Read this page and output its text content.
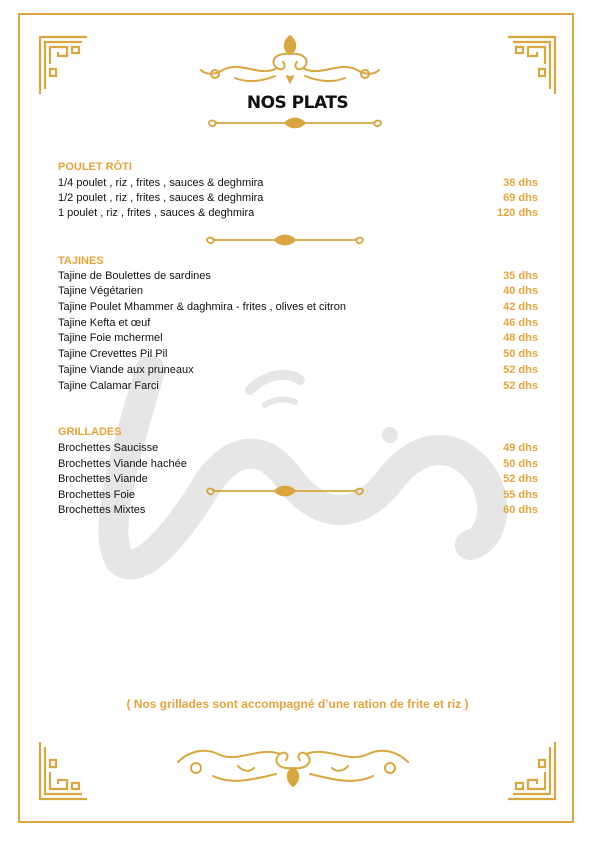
NOS PLATS
POULET RÔTI
1/4 poulet , riz , frites , sauces & deghmira	38 dhs
1/2 poulet , riz , frites , sauces & deghmira	69 dhs
1 poulet , riz , frites , sauces & deghmira	120 dhs
TAJINES
Tajine de Boulettes de sardines	35 dhs
Tajine Végétarien	40 dhs
Tajine Poulet Mhammer & daghmira - frites , olives et citron	42 dhs
Tajine Kefta et œuf	46 dhs
Tajine Foie mchermel	48 dhs
Tajine Crevettes Pil Pil	50 dhs
Tajine Viande aux pruneaux	52 dhs
Tajine Calamar Farci	52 dhs
GRILLADES
Brochettes Saucisse	49 dhs
Brochettes Viande hachée	50 dhs
Brochettes Viande	52 dhs
Brochettes Foie	55 dhs
Brochettes Mixtes	60 dhs
( Nos grillades sont accompagné d’une ration de frite et riz )
